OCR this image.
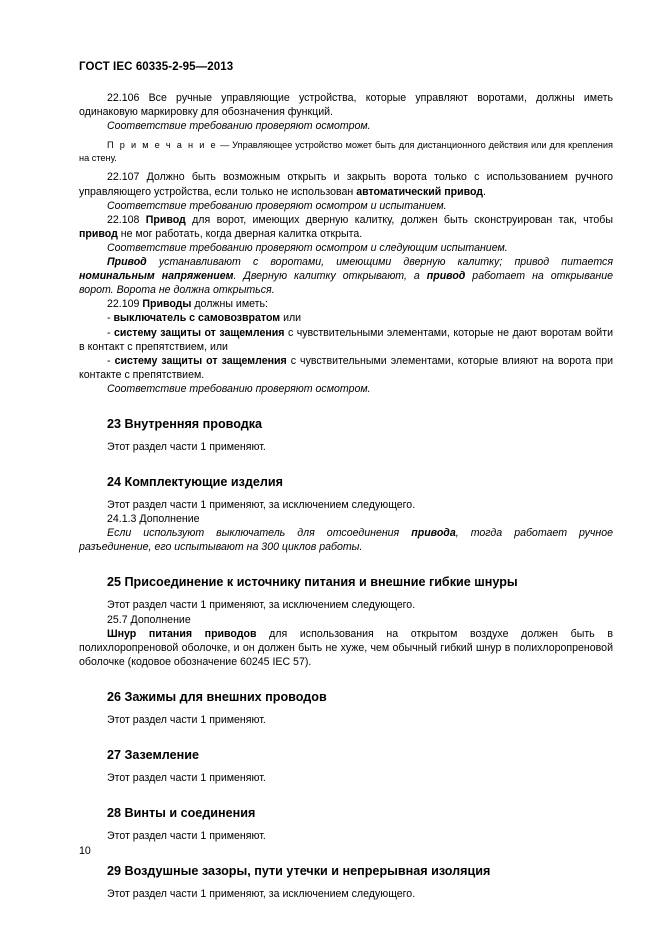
ГОСТ IEC 60335-2-95—2013

22.106 Все ручные управляющие устройства, которые управляют воротами, должны иметь одинаковую маркировку для обозначения функций.

Соответствие требованию проверяют осмотром.

П р и м е ч а н и е — Управляющее устройство может быть для дистанционного действия или для крепления на стену.

22.107 Должно быть возможным открыть и закрыть ворота только с использованием ручного управляющего устройства, если только не использован автоматический привод.

Соответствие требованию проверяют осмотром и испытанием.

22.108 Привод для ворот, имеющих дверную калитку, должен быть сконструирован так, чтобы привод не мог работать, когда дверная калитка открыта.

Соответствие требованию проверяют осмотром и следующим испытанием.

Привод устанавливают с воротами, имеющими дверную калитку; привод питается номинальным напряжением. Дверную калитку открывают, а привод работает на открывание ворот. Ворота не должна открыться.

22.109 Приводы должны иметь:

- выключатель с самовозвратом или

- систему защиты от защемления с чувствительными элементами, которые не дают воротам войти в контакт с препятствием, или

- систему защиты от защемления с чувствительными элементами, которые влияют на ворота при контакте с препятствием.

Соответствие требованию проверяют осмотром.

23 Внутренняя проводка

Этот раздел части 1 применяют.

24 Комплектующие изделия

Этот раздел части 1 применяют, за исключением следующего.

24.1.3 Дополнение

Если используют выключатель для отсоединения привода, тогда работает ручное разъединение, его испытывают на 300 циклов работы.

25 Присоединение к источнику питания и внешние гибкие шнуры

Этот раздел части 1 применяют, за исключением следующего.

25.7 Дополнение

Шнур питания приводов для использования на открытом воздухе должен быть в полихлоропреновой оболочке, и он должен быть не хуже, чем обычный гибкий шнур в полихлоропреновой оболочке (кодовое обозначение 60245 IEC 57).

26 Зажимы для внешних проводов

Этот раздел части 1 применяют.

27 Заземление

Этот раздел части 1 применяют.

28 Винты и соединения

Этот раздел части 1 применяют.

29 Воздушные зазоры, пути утечки и непрерывная изоляция

Этот раздел части 1 применяют, за исключением следующего.

10
